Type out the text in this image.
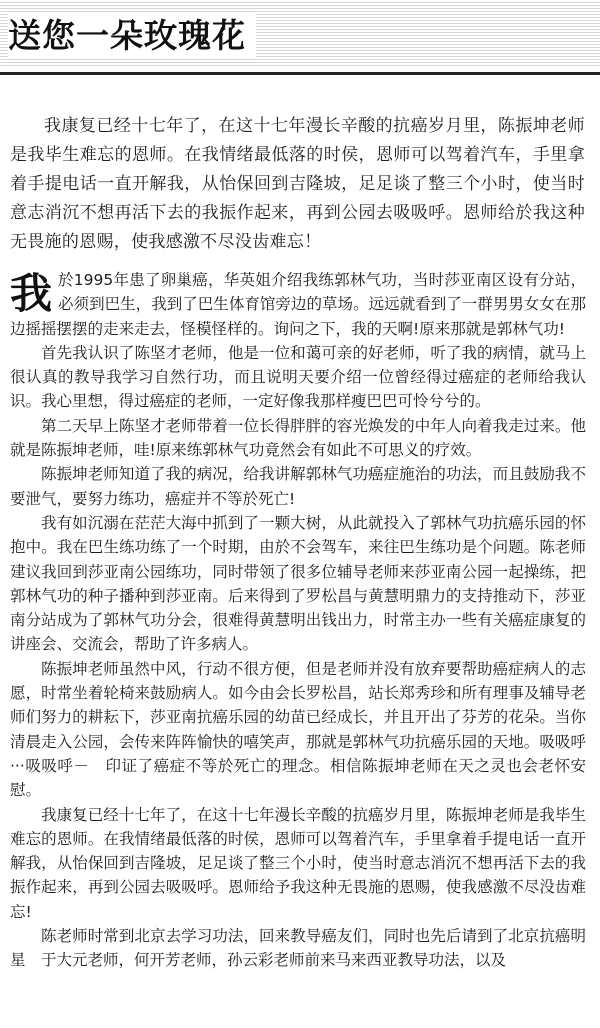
送您一朵玫瑰花
我康复已经十七年了，在这十七年漫长辛酸的抗癌岁月里，陈振坤老师是我毕生难忘的恩师。在我情绪最低落的时侯，恩师可以驾着汽车，手里拿着手提电话一直开解我，从怡保回到吉隆坡，足足谈了整三个小时，使当时意志消沉不想再活下去的我振作起来，再到公园去吸吸呼。恩师给於我这种无畏施的恩赐，使我感激不尽没齿难忘！

我於1995年患了卵巢癌，华英姐介绍我练郭林气功，当时莎亚南区设有分站，必须到巴生，我到了巴生体育馆旁边的草场。远远就看到了一群男男女女在那边摇摇摆摆的走来走去，怪模怪样的。询问之下，我的天啊!原来那就是郭林气功!

首先我认识了陈坚才老师，他是一位和蔼可亲的好老师，听了我的病情，就马上很认真的教导我学习自然行功，而且说明天要介绍一位曾经得过癌症的老师给我认识。我心里想，得过癌症的老师，一定好像我那样瘦巴巴可怜兮兮的。

第二天早上陈坚才老师带着一位长得胖胖的容光焕发的中年人向着我走过来。他就是陈振坤老师，哇!原来练郭林气功竟然会有如此不可思义的疗效。

陈振坤老师知道了我的病况，给我讲解郭林气功癌症施治的功法，而且鼓励我不要泄气，要努力练功，癌症并不等於死亡!

我有如沉溺在茫茫大海中抓到了一颗大树，从此就投入了郭林气功抗癌乐园的怀抱中。我在巴生练功练了一个时期，由於不会驾车，来往巴生练功是个问题。陈老师建议我回到莎亚南公园练功，同时带领了很多位辅导老师来莎亚南公园一起操练，把郭林气功的种子播种到莎亚南。后来得到了罗松昌与黄慧明鼎力的支持推动下，莎亚南分站成为了郭林气功分会，很难得黄慧明出钱出力，时常主办一些有关癌症康复的讲座会、交流会，帮助了许多病人。

陈振坤老师虽然中风，行动不很方便，但是老师并没有放弃要帮助癌症病人的志愿，时常坐着轮椅来鼓励病人。如今由会长罗松昌，站长郑秀珍和所有理事及辅导老师们努力的耕耘下，莎亚南抗癌乐园的幼苗已经成长，并且开出了芬芳的花朵。当你清晨走入公园，会传来阵阵愉快的嘻笑声，那就是郭林气功抗癌乐园的天地。吸吸呼···吸吸呼－　印证了癌症不等於死亡的理念。相信陈振坤老师在天之灵也会老怀安慰。

我康复已经十七年了，在这十七年漫长辛酸的抗癌岁月里，陈振坤老师是我毕生难忘的恩师。在我情绪最低落的时侯，恩师可以驾着汽车，手里拿着手提电话一直开解我，从怡保回到吉隆坡，足足谈了整三个小时，使当时意志消沉不想再活下去的我振作起来，再到公园去吸吸呼。恩师给予我这种无畏施的恩赐，使我感激不尽没齿难忘!

陈老师时常到北京去学习功法，回来教导癌友们，同时也先后请到了北京抗癌明星　于大元老师，何开芳老师，孙云彩老师前来马来西亚教导功法，以及
